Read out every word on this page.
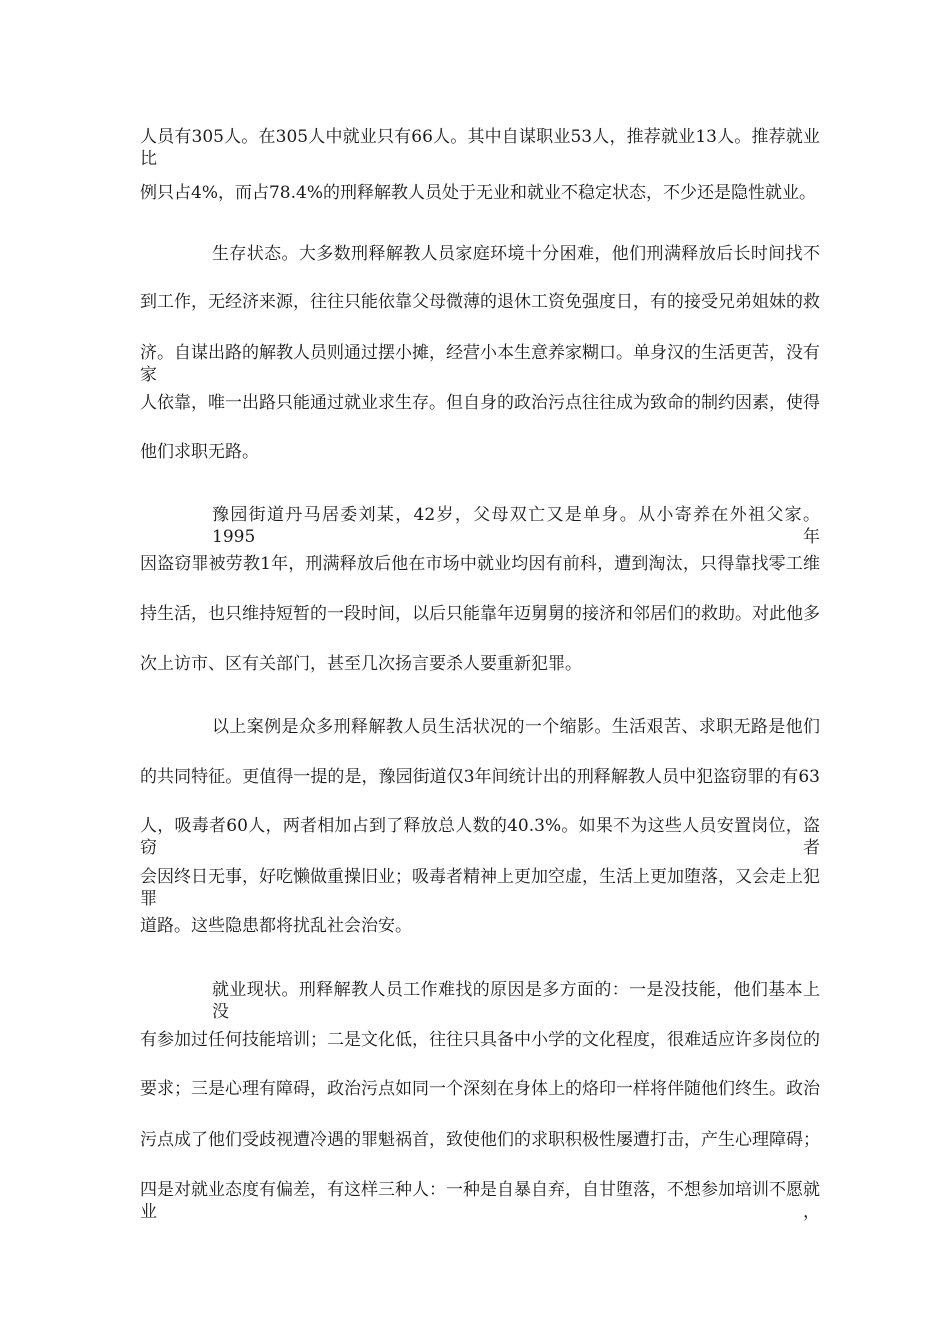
人员有305人。在305人中就业只有66人。其中自谋职业53人，推荐就业13人。推荐就业比
例只占4%，而占78.4%的刑释解教人员处于无业和就业不稳定状态，不少还是隐性就业。
生存状态。大多数刑释解教人员家庭环境十分困难，他们刑满释放后长时间找不
到工作，无经济来源，往往只能依靠父母微薄的退休工资免强度日，有的接受兄弟姐妹的救
济。自谋出路的解教人员则通过摆小摊，经营小本生意养家糊口。单身汉的生活更苦，没有家
人依靠，唯一出路只能通过就业求生存。但自身的政治污点往往成为致命的制约因素，使得
他们求职无路。
豫园街道丹马居委刘某，42岁，父母双亡又是单身。从小寄养在外祖父家。1995年
因盗窃罪被劳教1年，刑满释放后他在市场中就业均因有前科，遭到淘汰，只得靠找零工维
持生活，也只维持短暂的一段时间，以后只能靠年迈舅舅的接济和邻居们的救助。对此他多
次上访市、区有关部门，甚至几次扬言要杀人要重新犯罪。
以上案例是众多刑释解教人员生活状况的一个缩影。生活艰苦、求职无路是他们
的共同特征。更值得一提的是，豫园街道仅3年间统计出的刑释解教人员中犯盗窃罪的有63
人，吸毒者60人，两者相加占到了释放总人数的40.3%。如果不为这些人员安置岗位，盗窃者
会因终日无事，好吃懒做重操旧业；吸毒者精神上更加空虚，生活上更加堕落，又会走上犯罪
道路。这些隐患都将扰乱社会治安。
就业现状。刑释解教人员工作难找的原因是多方面的：一是没技能，他们基本上没
有参加过任何技能培训；二是文化低，往往只具备中小学的文化程度，很难适应许多岗位的
要求；三是心理有障碍，政治污点如同一个深刻在身体上的烙印一样将伴随他们终生。政治
污点成了他们受歧视遭冷遇的罪魁祸首，致使他们的求职积极性屡遭打击，产生心理障碍；
四是对就业态度有偏差，有这样三种人：一种是自暴自弃，自甘堕落，不想参加培训不愿就业，
